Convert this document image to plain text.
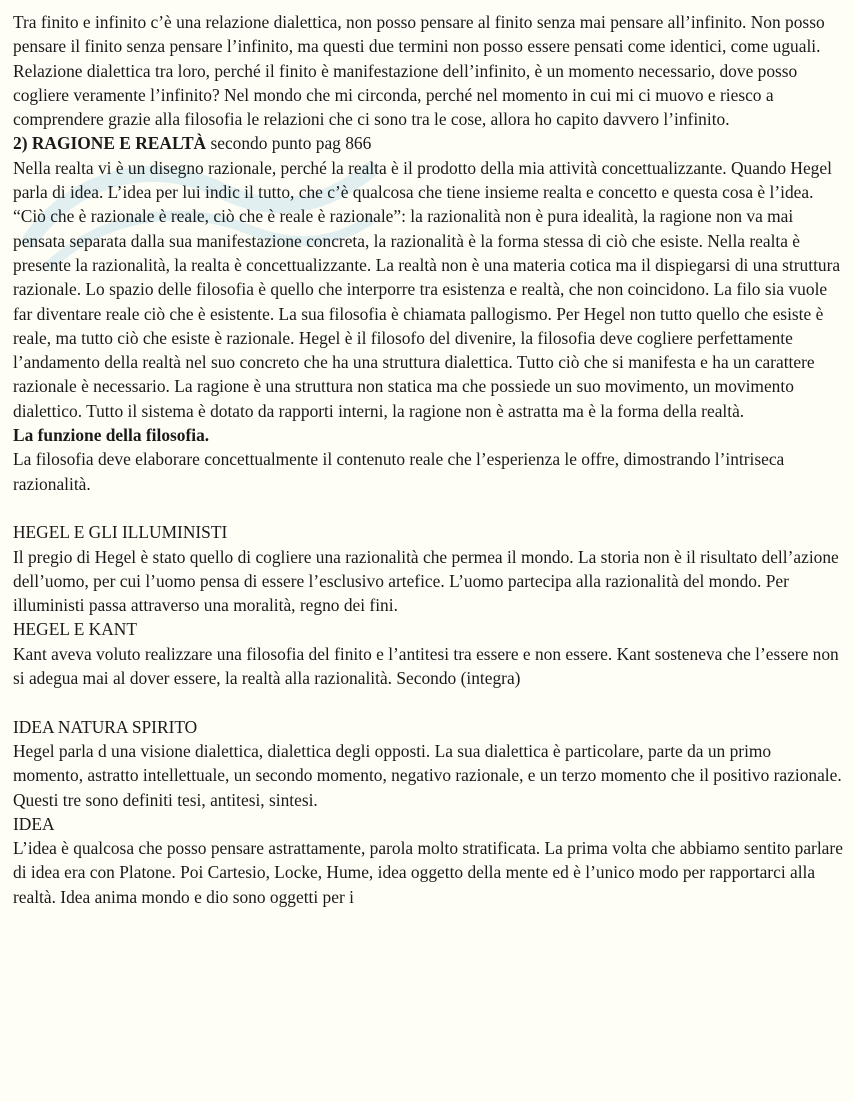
Tra finito e infinito c’è una relazione dialettica, non posso pensare al finito senza mai pensare all’infinito. Non posso pensare il finito senza pensare l’infinito, ma questi due termini non posso essere pensati come identici, come uguali. Relazione dialettica tra loro, perché il finito è manifestazione dell’infinito, è un momento necessario, dove posso cogliere veramente l’infinito? Nel mondo che mi circonda, perché nel momento in cui mi ci muovo e riesco a comprendere grazie alla filosofia le relazioni che ci sono tra le cose, allora ho capito davvero l’infinito.

2) RAGIONE E REALTÀ secondo punto pag 866

Nella realta vi è un disegno razionale, perché la realta è il prodotto della mia attività concettualizzante. Quando Hegel parla di idea. L’idea per lui indic il tutto, che c’è qualcosa che tiene insieme realta e concetto e questa cosa è l’idea.

“Ciò che è razionale è reale, ciò che è reale è razionale”: la razionalità non è pura idealità, la ragione non va mai pensata separata dalla sua manifestazione concreta, la razionalità è la forma stessa di ciò che esiste. Nella realta è presente la razionalità, la realta è concettualizzante. La realtà non è una materia cotica ma il dispiegarsi di una struttura razionale. Lo spazio delle filosofia è quello che interporre tra esistenza e realtà, che non coincidono. La filo sia vuole far diventare reale ciò che è esistente. La sua filosofia è chiamata pallogismo. Per Hegel non tutto quello che esiste è reale, ma tutto ciò che esiste è razionale. Hegel è il filosofo del divenire, la filosofia deve cogliere perfettamente l’andamento della realtà nel suo concreto che ha una struttura dialettica. Tutto ciò che si manifesta e ha un carattere razionale è necessario. La ragione è una struttura non statica ma che possiede un suo movimento, un movimento dialettico. Tutto il sistema è dotato da rapporti interni, la ragione non è astratta ma è la forma della realtà.

La funzione della filosofia.

La filosofia deve elaborare concettualmente il contenuto reale che l’esperienza le offre, dimostrando l’intriseca razionalità.

HEGEL E GLI ILLUMINISTI

Il pregio di Hegel è stato quello di cogliere una razionalità che permea il mondo. La storia non è il risultato dell’azione dell’uomo, per cui l’uomo pensa di essere l’esclusivo artefice. L’uomo partecipa alla razionalità del mondo. Per illuministi passa attraverso una moralità, regno dei fini.

HEGEL E KANT

Kant aveva voluto realizzare una filosofia del finito e l’antitesi tra essere e non essere. Kant sosteneva che l’essere non si adegua mai al dover essere, la realtà alla razionalità. Secondo (integra)

IDEA NATURA SPIRITO

Hegel parla d una visione dialettica, dialettica degli opposti. La sua dialettica è particolare, parte da un primo momento, astratto intellettuale, un secondo momento, negativo razionale, e un terzo momento che il positivo razionale. Questi tre sono definiti tesi, antitesi, sintesi.

IDEA

L’idea è qualcosa che posso pensare astrattamente, parola molto stratificata. La prima volta che abbiamo sentito parlare di idea era con Platone. Poi Cartesio, Locke, Hume, idea oggetto della mente ed è l’unico modo per rapportarci alla realtà. Idea anima mondo e dio sono oggetti per i
